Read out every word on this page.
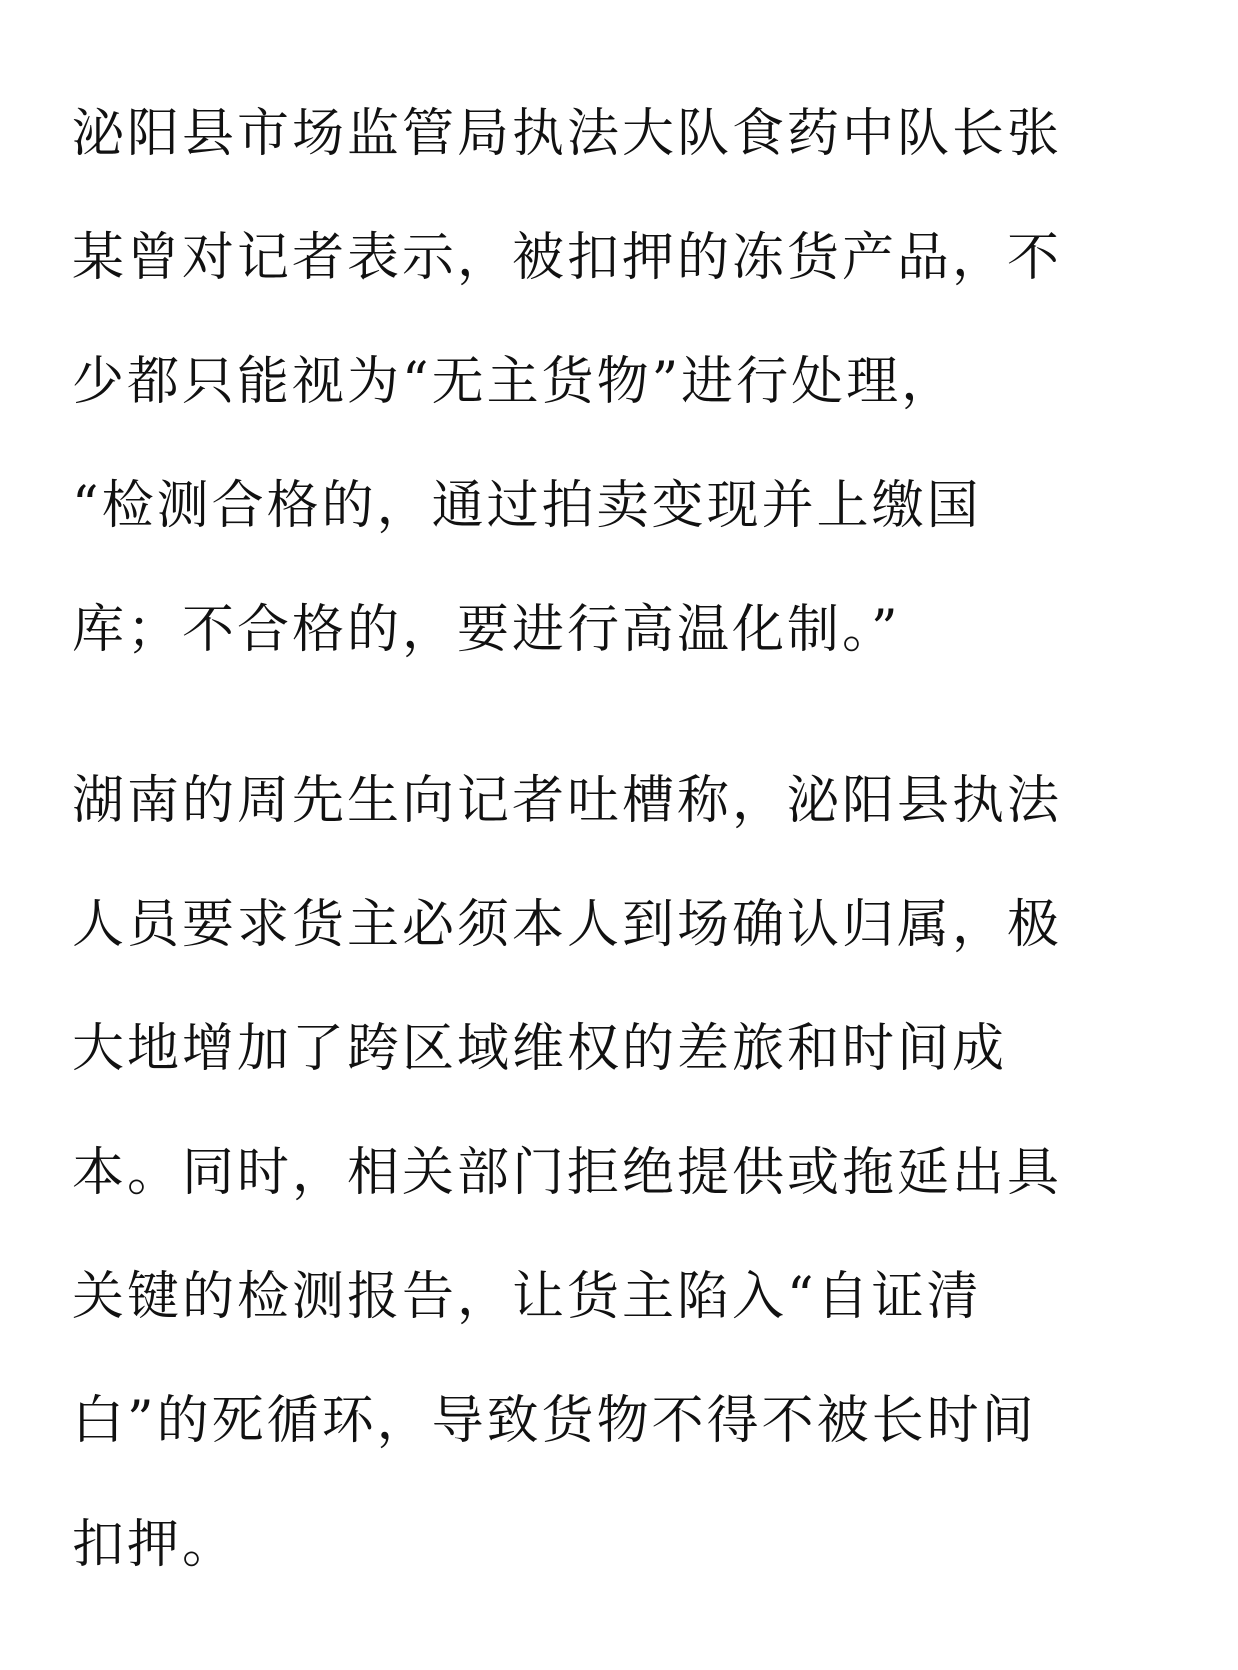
泌阳县市场监管局执法大队食药中队长张
某曾对记者表示，被扣押的冻货产品，不
少都只能视为“无主货物”进行处理，
“检测合格的，通过拍卖变现并上缴国
库；不合格的，要进行高温化制。”

湖南的周先生向记者吐槽称，泌阳县执法
人员要求货主必须本人到场确认归属，极
大地增加了跨区域维权的差旅和时间成
本。同时，相关部门拒绝提供或拖延出具
关键的检测报告，让货主陷入“自证清
白”的死循环，导致货物不得不被长时间
扣押。
